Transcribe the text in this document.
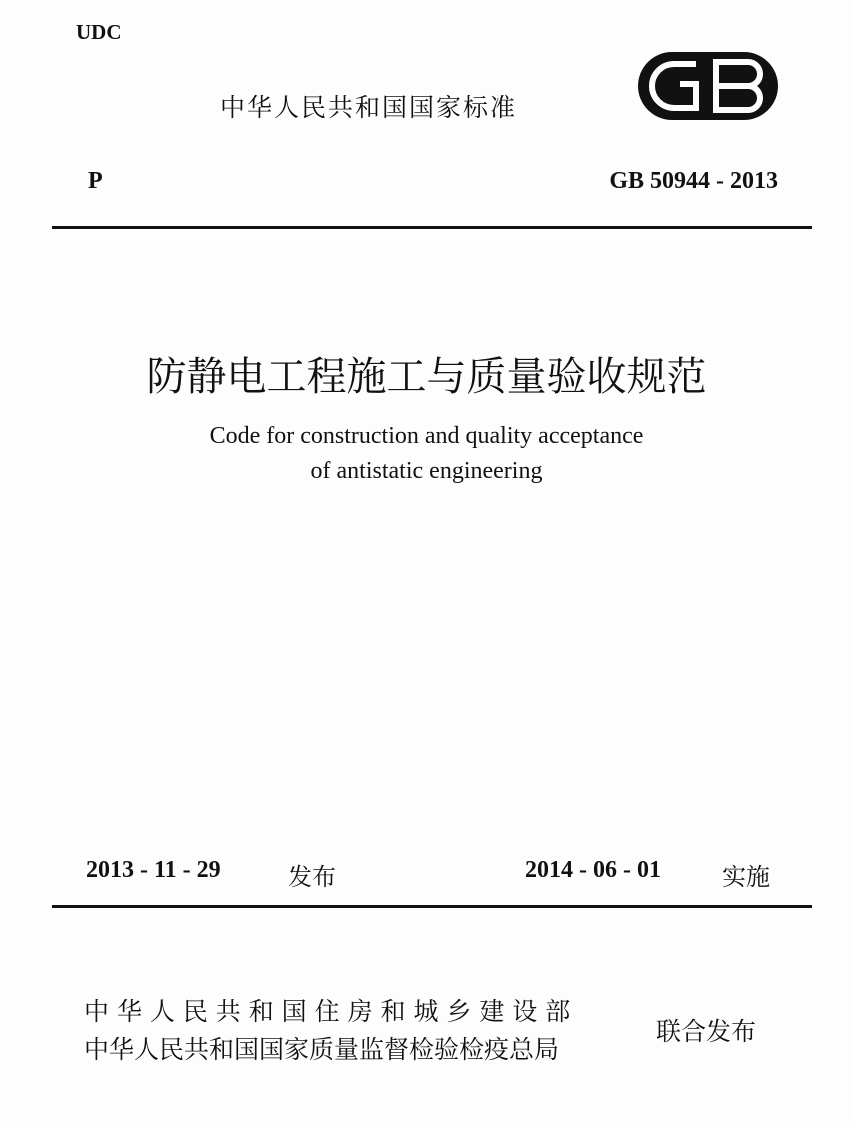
UDC
中华人民共和国国家标准
P	GB 50944 - 2013
防静电工程施工与质量验收规范
Code for construction and quality acceptance
of antistatic engineering
2013 - 11 - 29	发布	2014 - 06 - 01	实施
中 华 人 民 共 和 国 住 房 和 城 乡 建 设 部
中华人民共和国国家质量监督检验检疫总局
联合发布
